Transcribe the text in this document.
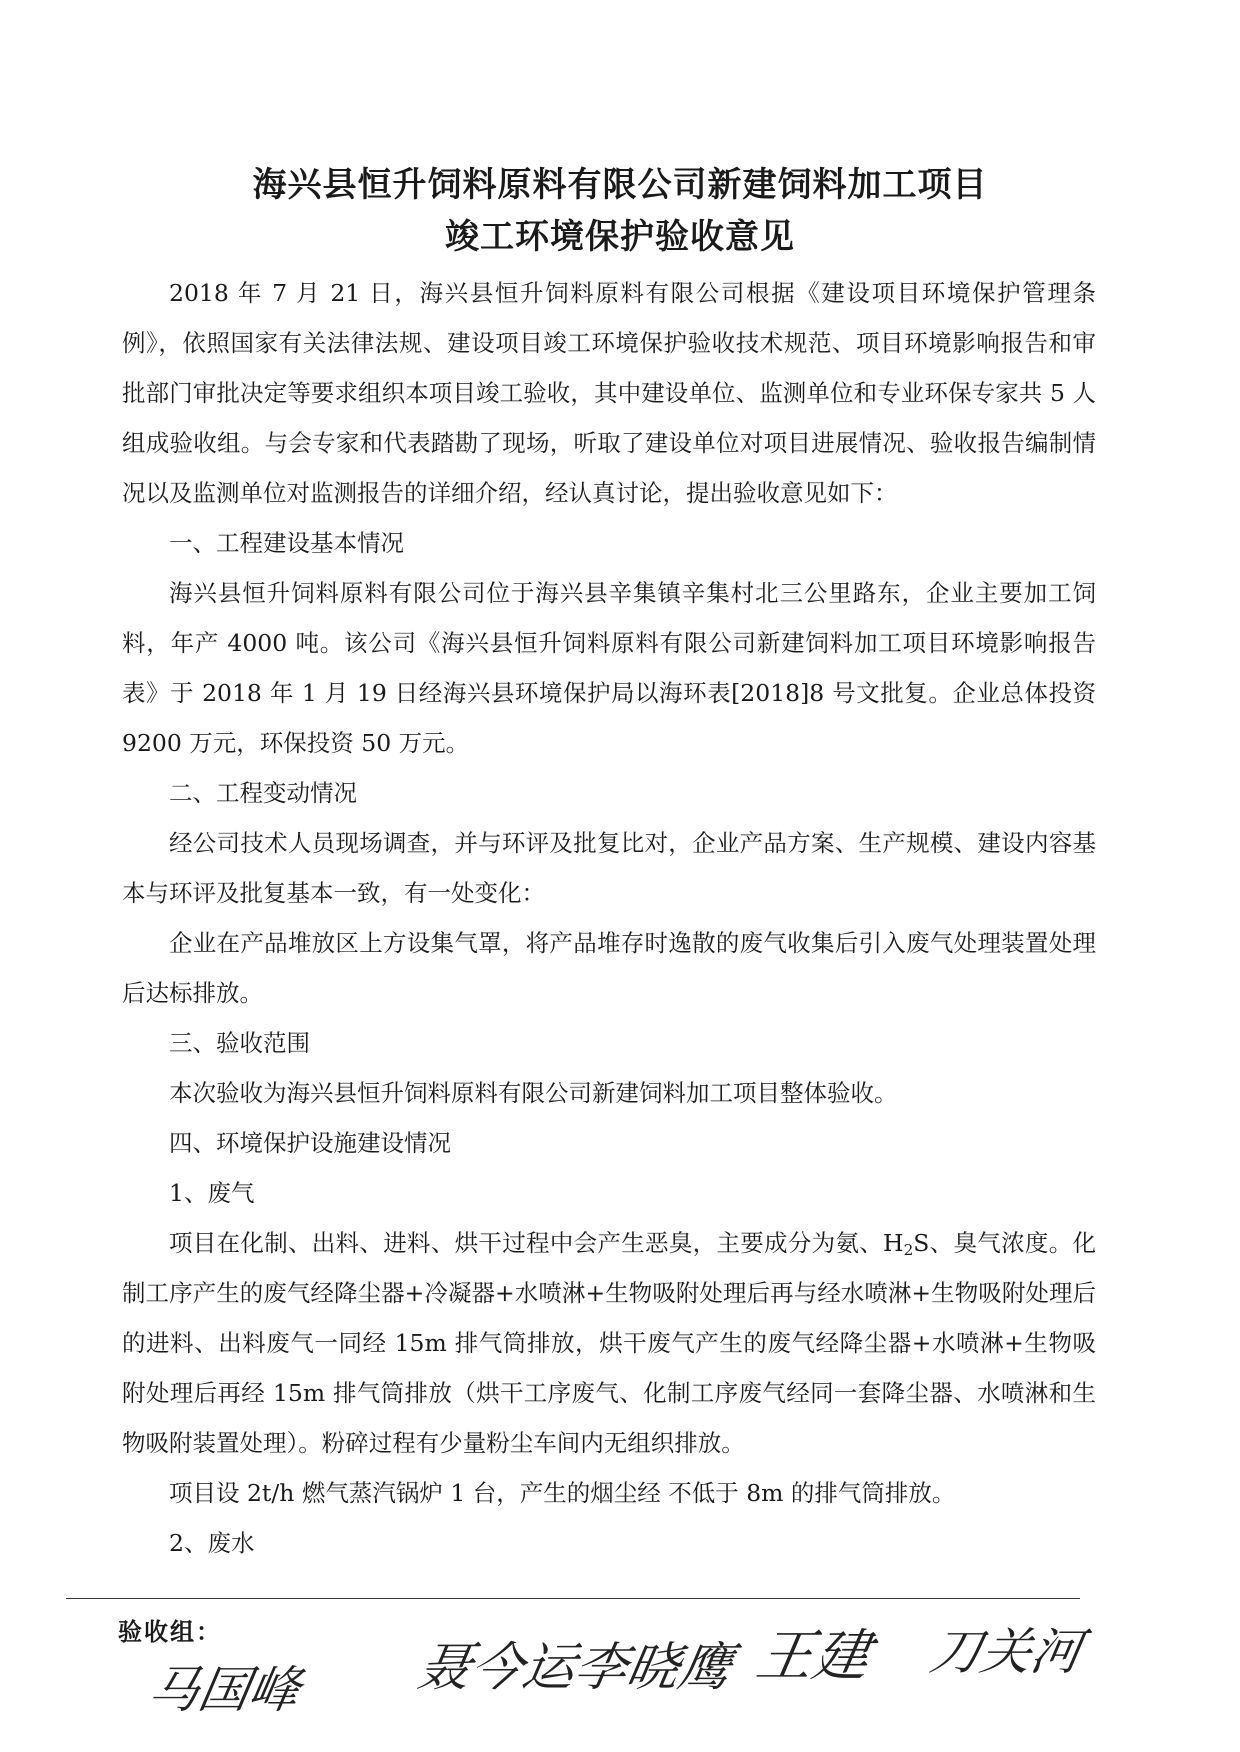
海兴县恒升饲料原料有限公司新建饲料加工项目
竣工环境保护验收意见

2018 年 7 月 21 日，海兴县恒升饲料原料有限公司根据《建设项目环境保护管理条例》，依照国家有关法律法规、建设项目竣工环境保护验收技术规范、项目环境影响报告和审批部门审批决定等要求组织本项目竣工验收，其中建设单位、监测单位和专业环保专家共 5 人组成验收组。与会专家和代表踏勘了现场，听取了建设单位对项目进展情况、验收报告编制情况以及监测单位对监测报告的详细介绍，经认真讨论，提出验收意见如下：

一、工程建设基本情况

海兴县恒升饲料原料有限公司位于海兴县辛集镇辛集村北三公里路东，企业主要加工饲料，年产 4000 吨。该公司《海兴县恒升饲料原料有限公司新建饲料加工项目环境影响报告表》于 2018 年 1 月 19 日经海兴县环境保护局以海环表[2018]8 号文批复。企业总体投资 9200 万元，环保投资 50 万元。

二、工程变动情况

经公司技术人员现场调查，并与环评及批复比对，企业产品方案、生产规模、建设内容基本与环评及批复基本一致，有一处变化：

企业在产品堆放区上方设集气罩，将产品堆存时逸散的废气收集后引入废气处理装置处理后达标排放。

三、验收范围

本次验收为海兴县恒升饲料原料有限公司新建饲料加工项目整体验收。

四、环境保护设施建设情况

1、废气

项目在化制、出料、进料、烘干过程中会产生恶臭，主要成分为氨、$H_2S$、臭气浓度。化制工序产生的废气经降尘器+冷凝器+水喷淋+生物吸附处理后再与经水喷淋+生物吸附处理后的进料、出料废气一同经 15m 排气筒排放，烘干废气产生的废气经降尘器+水喷淋+生物吸附处理后再经 15m 排气筒排放（烘干工序废气、化制工序废气经同一套降尘器、水喷淋和生物吸附装置处理）。粉碎过程有少量粉尘车间内无组织排放。

项目设 2t/h 燃气蒸汽锅炉 1 台，产生的烟尘经 不低于 8m 的排气筒排放。

2、废水

验收组：
马国峰 聂今运李晓鹰 王建 刀关河
